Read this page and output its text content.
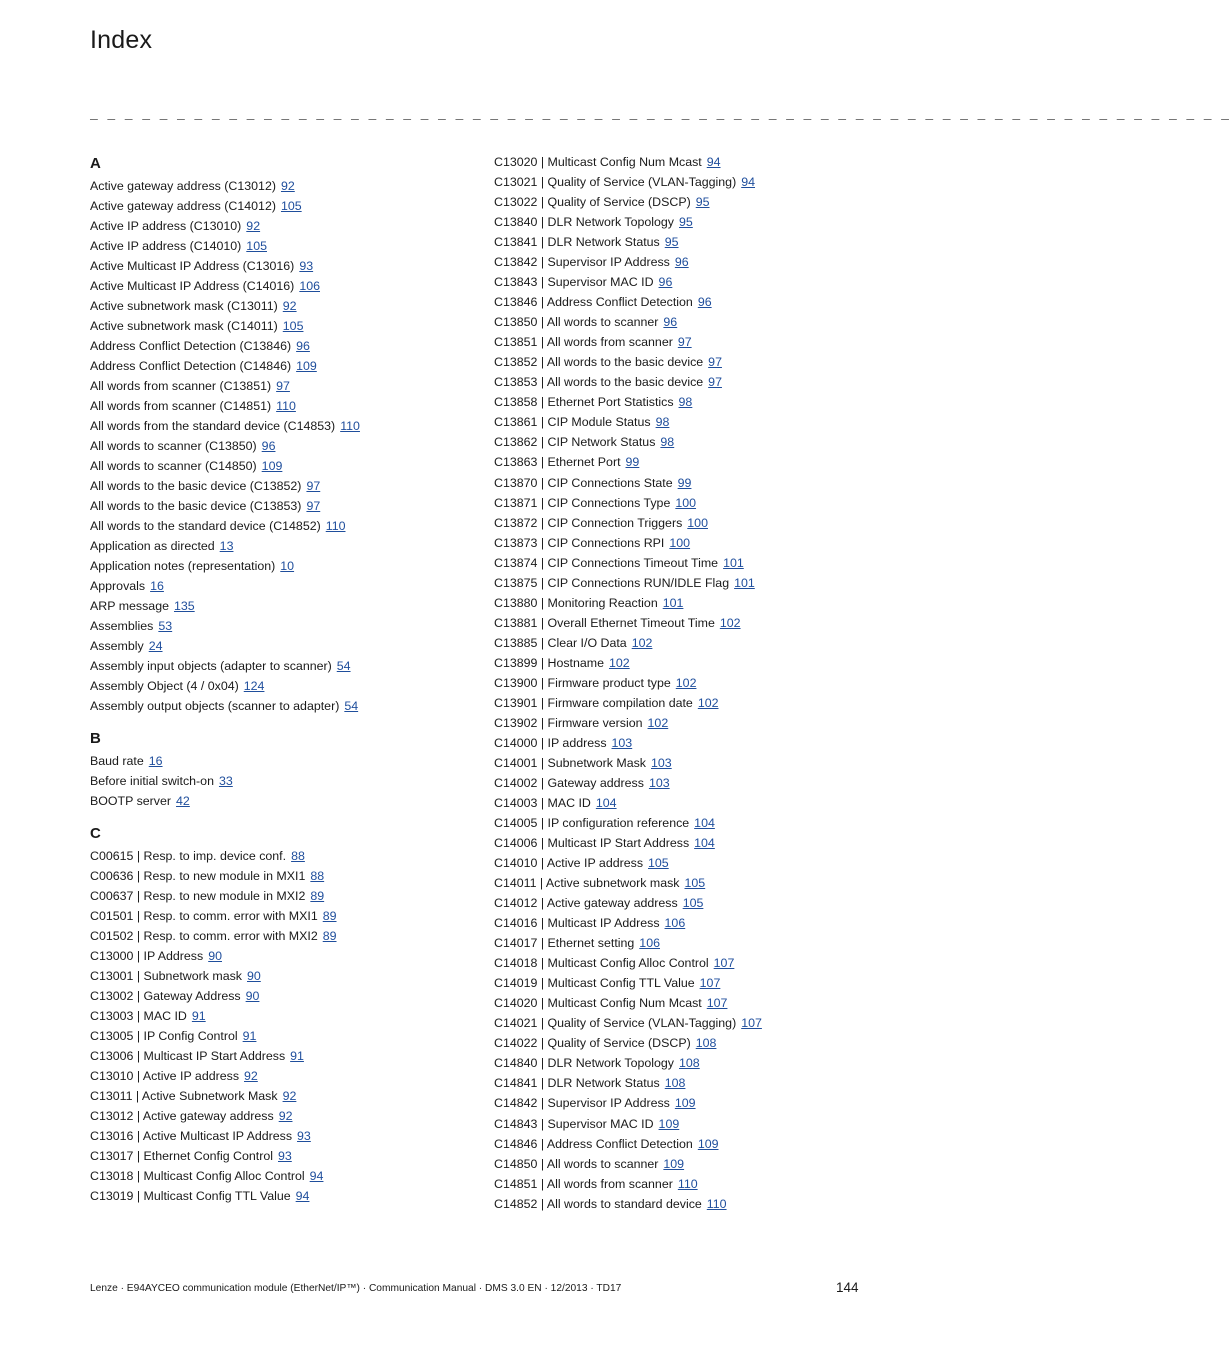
Index
_ _ _ _ _ _ _ _ _ _ _ _ _ _ _ _ _ _ _ _ _ _ _ _ _ _ _ _ _ _ _ _ _ _ _ _ _ _ _ _ _ _ _ _ _ _ _ _ _ _ _ _ _ _ _ _ _ _ _ _ _ _ _ _ _ _
A
Active gateway address (C13012) 92
Active gateway address (C14012) 105
Active IP address (C13010) 92
Active IP address (C14010) 105
Active Multicast IP Address (C13016) 93
Active Multicast IP Address (C14016) 106
Active subnetwork mask (C13011) 92
Active subnetwork mask (C14011) 105
Address Conflict Detection (C13846) 96
Address Conflict Detection (C14846) 109
All words from scanner (C13851) 97
All words from scanner (C14851) 110
All words from the standard device (C14853) 110
All words to scanner (C13850) 96
All words to scanner (C14850) 109
All words to the basic device (C13852) 97
All words to the basic device (C13853) 97
All words to the standard device (C14852) 110
Application as directed 13
Application notes (representation) 10
Approvals 16
ARP message 135
Assemblies 53
Assembly 24
Assembly input objects (adapter to scanner) 54
Assembly Object (4 / 0x04) 124
Assembly output objects (scanner to adapter) 54
B
Baud rate 16
Before initial switch-on 33
BOOTP server 42
C
C00615 | Resp. to imp. device conf. 88
C00636 | Resp. to new module in MXI1 88
C00637 | Resp. to new module in MXI2 89
C01501 | Resp. to comm. error with MXI1 89
C01502 | Resp. to comm. error with MXI2 89
C13000 | IP Address 90
C13001 | Subnetwork mask 90
C13002 | Gateway Address 90
C13003 | MAC ID 91
C13005 | IP Config Control 91
C13006 | Multicast IP Start Address 91
C13010 | Active IP address 92
C13011 | Active Subnetwork Mask 92
C13012 | Active gateway address 92
C13016 | Active Multicast IP Address 93
C13017 | Ethernet Config Control 93
C13018 | Multicast Config Alloc Control 94
C13019 | Multicast Config TTL Value 94
C13020 | Multicast Config Num Mcast 94
C13021 | Quality of Service (VLAN-Tagging) 94
C13022 | Quality of Service (DSCP) 95
C13840 | DLR Network Topology 95
C13841 | DLR Network Status 95
C13842 | Supervisor IP Address 96
C13843 | Supervisor MAC ID 96
C13846 | Address Conflict Detection 96
C13850 | All words to scanner 96
C13851 | All words from scanner 97
C13852 | All words to the basic device 97
C13853 | All words to the basic device 97
C13858 | Ethernet Port Statistics 98
C13861 | CIP Module Status 98
C13862 | CIP Network Status 98
C13863 | Ethernet Port 99
C13870 | CIP Connections State 99
C13871 | CIP Connections Type 100
C13872 | CIP Connection Triggers 100
C13873 | CIP Connections RPI 100
C13874 | CIP Connections Timeout Time 101
C13875 | CIP Connections RUN/IDLE Flag 101
C13880 | Monitoring Reaction 101
C13881 | Overall Ethernet Timeout Time 102
C13885 | Clear I/O Data 102
C13899 | Hostname 102
C13900 | Firmware product type 102
C13901 | Firmware compilation date 102
C13902 | Firmware version 102
C14000 | IP address 103
C14001 | Subnetwork Mask 103
C14002 | Gateway address 103
C14003 | MAC ID 104
C14005 | IP configuration reference 104
C14006 | Multicast IP Start Address 104
C14010 | Active IP address 105
C14011 | Active subnetwork mask 105
C14012 | Active gateway address 105
C14016 | Multicast IP Address 106
C14017 | Ethernet setting 106
C14018 | Multicast Config Alloc Control 107
C14019 | Multicast Config TTL Value 107
C14020 | Multicast Config Num Mcast 107
C14021 | Quality of Service (VLAN-Tagging) 107
C14022 | Quality of Service (DSCP) 108
C14840 | DLR Network Topology 108
C14841 | DLR Network Status 108
C14842 | Supervisor IP Address 109
C14843 | Supervisor MAC ID 109
C14846 | Address Conflict Detection 109
C14850 | All words to scanner 109
C14851 | All words from scanner 110
C14852 | All words to standard device 110
Lenze · E94AYCEO communication module (EtherNet/IP™) · Communication Manual · DMS 3.0 EN · 12/2013 · TD17	144
